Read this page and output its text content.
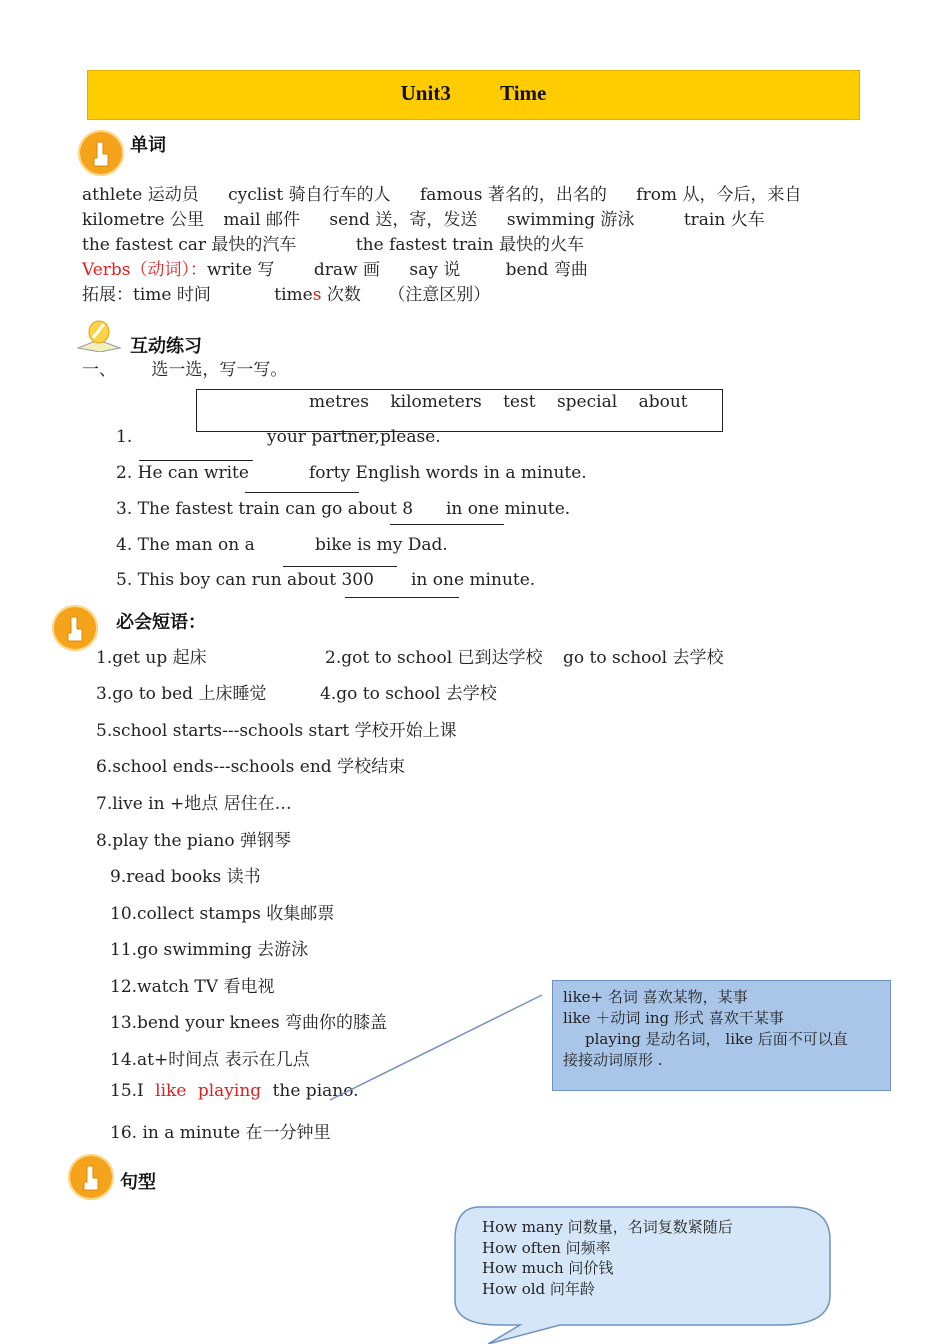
Unit3 Time
单词
athlete 运动员 cyclist 骑自行车的人 famous 著名的，出名的 from 从，今后，来自
kilometre 公里 mail 邮件 send 送，寄，发送 swimming 游泳	train 火车
the fastest car 最快的汽车	the fastest train 最快的火车
Verbs（动词）：write 写 draw 画 say 说	bend 弯曲
拓展：time 时间	times 次数 （注意区别）
互动练习
一、 选一选，写一写。
metres kilometers test special about
1.	your partner,please.
2. He can write	forty English words in a minute.
3. The fastest train can go about 8 in one minute.
4. The man on a	bike is my Dad.
5. This boy can run about 300 in one minute.
必会短语：
1.get up 起床	2.got to school 已到达学校 go to school 去学校
3.go to bed 上床睡觉	4.go to school 去学校
5.school starts---schools start 学校开始上课
6.school ends---schools end 学校结束
7.live in +地点 居住在…
8.play the piano 弹钢琴
9.read books 读书
10.collect stamps 收集邮票
11.go swimming 去游泳
12.watch TV 看电视
13.bend your knees 弯曲你的膝盖
14.at+时间点 表示在几点
15.I like playing the piano.
16. in a minute 在一分钟里
like+ 名词 喜欢某物，某事
like ＋动词 ing 形式 喜欢干某事
playing 是动名词， like 后面不可以直
接接动词原形 .
句型
How many 问数量，名词复数紧随后
How often 问频率
How much 问价钱
How old 问年龄
